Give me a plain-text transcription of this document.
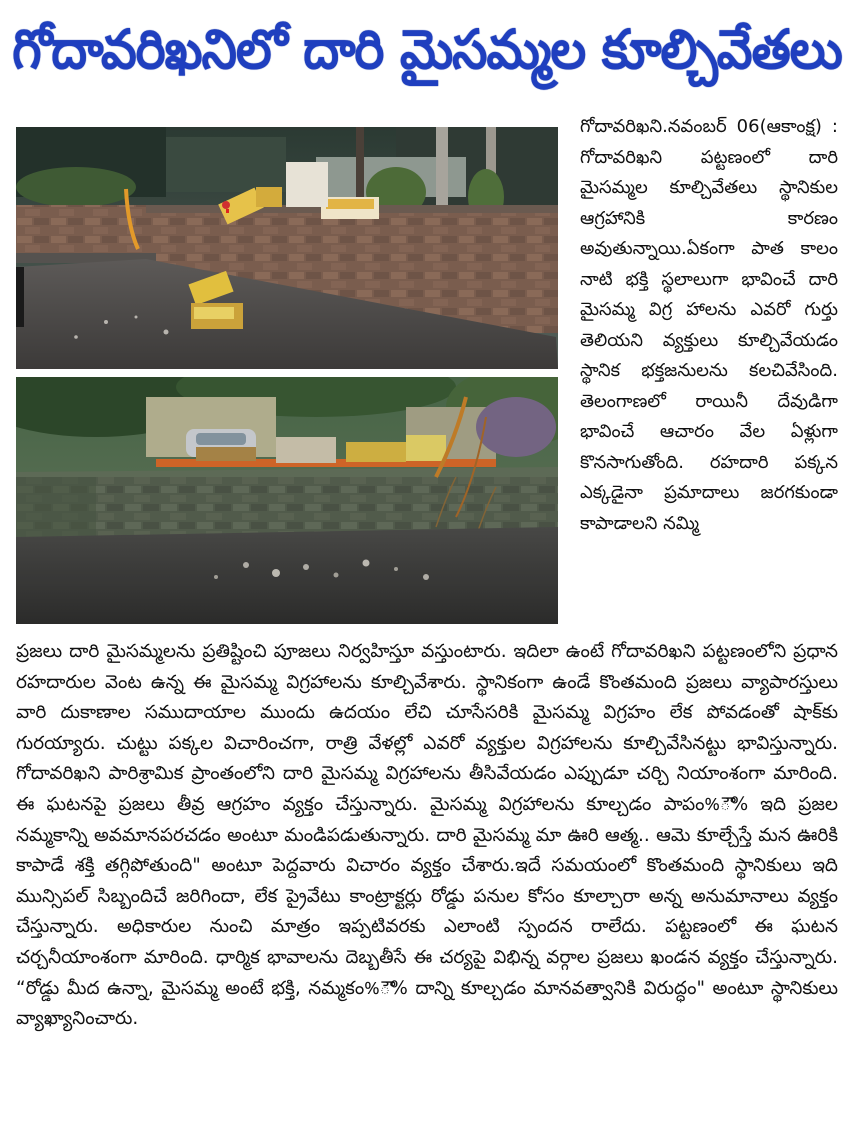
గోదావరిఖనిలో దారి మైసమ్మల కూల్చివేతలు

గోదావరిఖని.నవంబర్ 06(ఆకాంక్ష) : గోదావరిఖని పట్టణంలో దారి మైసమ్మల కూల్చివేతలు స్థానికుల ఆగ్రహానికి కారణం అవుతున్నాయి.ఏకంగా పాత కాలం నాటి భక్తి స్థలాలుగా భావించే దారి మైసమ్మ విగ్ర హాలను ఎవరో గుర్తు తెలియని వ్యక్తులు కూల్చివేయడం స్థానిక భక్తజనులను కలచివేసింది. తెలంగాణలో రాయినీ దేవుడిగా భావించే ఆచారం వేల ఏళ్లుగా కొనసాగుతోంది. రహదారి పక్కన ఎక్కడైనా ప్రమాదాలు జరగకుండా కాపాడాలని నమ్మి

ప్రజలు దారి మైసమ్మలను ప్రతిష్టించి పూజలు నిర్వహిస్తూ వస్తుంటారు. ఇదిలా ఉంటే గోదావరిఖని పట్టణంలోని ప్రధాన రహదారుల వెంట ఉన్న ఈ మైసమ్మ విగ్రహాలను కూల్చివేశారు. స్థానికంగా ఉండే కొంతమంది ప్రజలు వ్యాపారస్తులు వారి దుకాణాల సముదాయాల ముందు ఉదయం లేచి చూసేసరికి మైసమ్మ విగ్రహం లేక పోవడంతో షాక్‌కు గురయ్యారు. చుట్టు పక్కల విచారించగా, రాత్రి వేళల్లో ఎవరో వ్యక్తుల విగ్రహాలను కూల్చివేసినట్టు భావిస్తున్నారు. గోదావరిఖని పారిశ్రామిక ప్రాంతంలోని దారి మైసమ్మ విగ్రహాలను తీసివేయడం ఎప్పుడూ చర్చి నియాంశంగా మారింది. ఈ ఘటనపై ప్రజలు తీవ్ర ఆగ్రహం వ్యక్తం చేస్తున్నారు. మైసమ్మ విగ్రహాలను కూల్చడం పాపం%ౌ% ఇది ప్రజల నమ్మకాన్ని అవమానపరచడం అంటూ మండిపడుతున్నారు. దారి మైసమ్మ మా ఊరి ఆత్మ.. ఆమె కూల్చేస్తే మన ఊరికి కాపాడే శక్తి తగ్గిపోతుంది" అంటూ పెద్దవారు విచారం వ్యక్తం చేశారు.ఇదే సమయంలో కొంతమంది స్థానికులు ఇది మున్సిపల్ సిబ్బందిచే జరిగిందా, లేక ప్రైవేటు కాంట్రాక్టర్లు రోడ్డు పనుల కోసం కూల్చారా అన్న అనుమానాలు వ్యక్తం చేస్తున్నారు. అధికారుల నుంచి మాత్రం ఇప్పటివరకు ఎలాంటి స్పందన రాలేదు. పట్టణంలో ఈ ఘటన చర్చనీయాంశంగా మారింది. ధార్మిక భావాలను దెబ్బతీసే ఈ చర్యపై విభిన్న వర్గాల ప్రజలు ఖండన వ్యక్తం చేస్తున్నారు. “రోడ్డు మీద ఉన్నా, మైసమ్మ అంటే భక్తి, నమ్మకం%ౌ% దాన్ని కూల్చడం మానవత్వానికి విరుద్ధం" అంటూ స్థానికులు వ్యాఖ్యానించారు.
